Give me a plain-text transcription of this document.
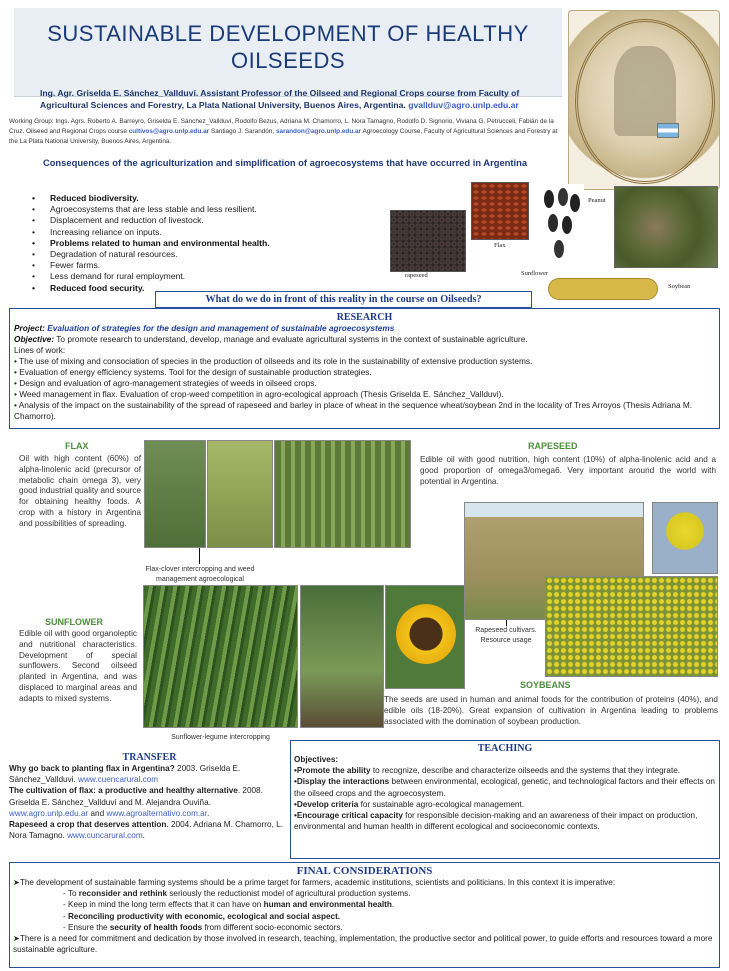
SUSTAINABLE DEVELOPMENT OF HEALTHY OILSEEDS
Ing. Agr. Griselda E. Sánchez_Vallduví. Assistant Professor of the Oilseed and Regional Crops course from Faculty of Agricultural Sciences and Forestry, La Plata National University, Buenos Aires, Argentina. gvallduv@agro.unlp.edu.ar
Working Group: Ings. Agrs. Roberto A. Barreyro, Griselda E. Sánchez_Vallduví, Rodolfo Bezus, Adriana M. Chamorro, L. Nora Tamagno, Rodolfo D. Signorio, Viviana G. Petrucceli, Fabián de la Cruz. Oilseed and Regional Crops course cultivos@agro.unlp.edu.ar Santiago J. Sarandón, sarandon@agro.unlp.edu.ar Agroecology Course, Faculty of Agricultural Sciences and Forestry at the La Plata National University, Buenos Aires, Argentina.
Consequences of the agriculturization and simplification of agroecosystems that have occurred in Argentina
• Reduced biodiversity.
• Agroecosystems that are less stable and less resilient.
• Displacement and reduction of livestock.
• Increasing reliance on inputs.
• Problems related to human and environmental health.
• Degradation of natural resources.
• Fewer farms.
• Less demand for rural employment.
• Reduced food security.
rapeseed
Flax
Sunflower
Peanut
Soybean
What do we do in front of this reality in the course on Oilseeds?
RESEARCH

Project: Evaluation of strategies for the design and management of sustainable agroecosystems

Objective: To promote research to understand, develop, manage and evaluate agricultural systems in the context of sustainable agriculture.

Lines of work:

• The use of mixing and consociation of species in the production of oilseeds and its role in the sustainability of extensive production systems.

• Evaluation of energy efficiency systems. Tool for the design of sustainable production strategies.

• Design and evaluation of agro-management strategies of weeds in oilseed crops.

• Weed management in flax. Evaluation of crop-weed competition in agro-ecological approach (Thesis Griselda E. Sánchez_Vallduvi).

• Analysis of the impact on the sustainability of the spread of rapeseed and barley in place of wheat in the sequence wheat/soybean 2nd in the locality of Tres Arroyos (Thesis Adriana M. Chamorro).

FLAX
Oil with high content (60%) of alpha-linolenic acid (precursor of metabolic chain omega 3), very good industrial quality and source for obtaining healthy foods. A crop with a history in Argentina and possibilities of spreading.
Flax-clover intercropping and weed management agroecological
RAPESEED
Edible oil with good nutrition, high content (10%) of alpha-linolenic acid and a good proportion of omega3/omega6. Very important around the world with potential in Argentina.
Rapeseed cultivars. Resource usage
SUNFLOWER
Edible oil with good organoleptic and nutritional characteristics. Development of special sunflowers. Second oilseed planted in Argentina, and was displaced to marginal areas and adapts to mixed systems.
Sunflower-legume intercropping
SOYBEANS
The seeds are used in human and animal foods for the contribution of proteins (40%), and edible oils (18-20%). Great expansion of cultivation in Argentina leading to problems associated with the domination of soybean production.
TRANSFER

Why go back to planting flax in Argentina? 2003. Griselda E. Sánchez_Vallduvi. www.cuencarural.com

The cultivation of flax: a productive and healthy alternative. 2008. Griselda E. Sánchez_Vallduví and M. Alejandra Ouviña. www.agro.unlp.edu.ar and www.agroalternativo.com.ar.

Rapeseed a crop that deserves attention. 2004. Adriana M. Chamorro, L. Nora Tamagno. www.cuncarural.com.

TEACHING

Objectives:

•Promote the ability to recognize, describe and characterize oilseeds and the systems that they integrate.

•Display the interactions between environmental, ecological, genetic, and technological factors and their effects on the oilseed crops and the agroecosystem.

•Develop criteria for sustainable agro-ecological management.

•Encourage critical capacity for responsible decision-making and an awareness of their impact on production, environmental and human health in different ecological and socioeconomic contexts.

FINAL CONSIDERATIONS

➤The development of sustainable farming systems should be a prime target for farmers, academic institutions, scientists and politicians. In this context it is imperative:

- To reconsider and rethink seriously the reductionist model of agricultural production systems.

- Keep in mind the long term effects that it can have on human and environmental health.

- Reconciling productivity with economic, ecological and social aspect.

- Ensure the security of health foods from different socio-economic sectors.

➤There is a need for commitment and dedication by those involved in research, teaching, implementation, the productive sector and political power, to guide efforts and resources toward a more sustainable agriculture.
